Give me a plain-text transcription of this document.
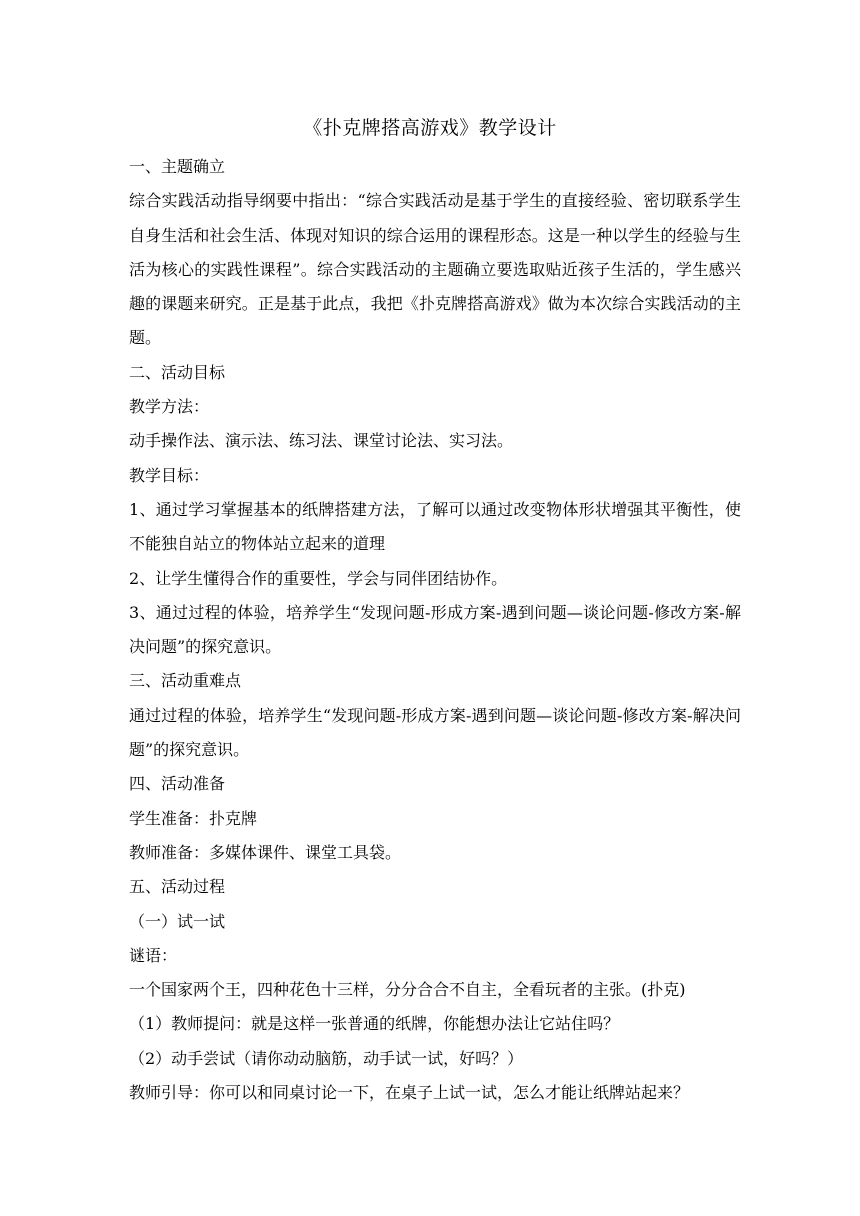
《扑克牌搭高游戏》教学设计

一、主题确立

综合实践活动指导纲要中指出：“综合实践活动是基于学生的直接经验、密切联系学生自身生活和社会生活、体现对知识的综合运用的课程形态。这是一种以学生的经验与生活为核心的实践性课程”。综合实践活动的主题确立要选取贴近孩子生活的，学生感兴趣的课题来研究。正是基于此点，我把《扑克牌搭高游戏》做为本次综合实践活动的主题。

二、活动目标

教学方法：

动手操作法、演示法、练习法、课堂讨论法、实习法。

教学目标：

1、通过学习掌握基本的纸牌搭建方法，了解可以通过改变物体形状增强其平衡性，使不能独自站立的物体站立起来的道理

2、让学生懂得合作的重要性，学会与同伴团结协作。

3、通过过程的体验，培养学生“发现问题-形成方案-遇到问题—谈论问题-修改方案-解决问题”的探究意识。

三、活动重难点

通过过程的体验，培养学生“发现问题-形成方案-遇到问题—谈论问题-修改方案-解决问题”的探究意识。

四、活动准备

学生准备：扑克牌

教师准备：多媒体课件、课堂工具袋。

五、活动过程

（一）试一试

谜语：

一个国家两个王，四种花色十三样，分分合合不自主，全看玩者的主张。(扑克)

（1）教师提问：就是这样一张普通的纸牌，你能想办法让它站住吗？

（2）动手尝试（请你动动脑筋，动手试一试，好吗？）

教师引导：你可以和同桌讨论一下，在桌子上试一试，怎么才能让纸牌站起来？
